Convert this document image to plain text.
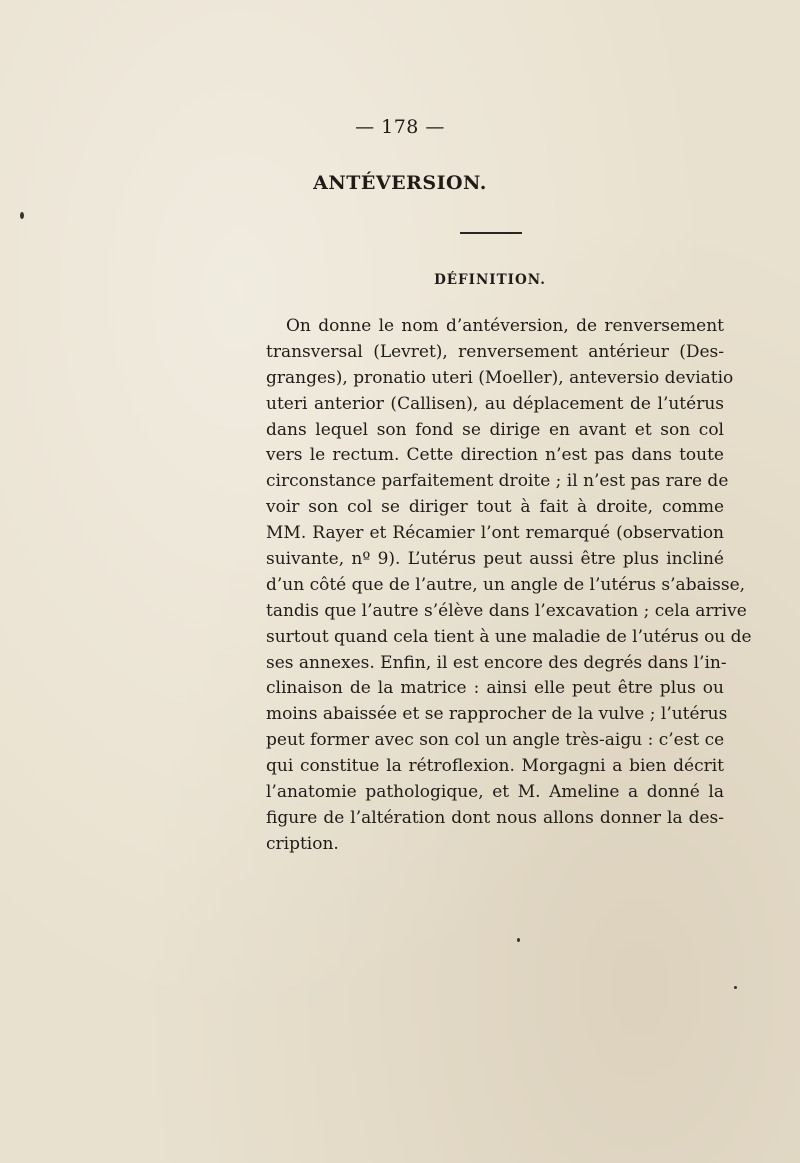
— 178 —
ANTÉVERSION.
DÉFINITION.
On donne le nom d’antéversion, de renversement
transversal (Levret), renversement antérieur (Des-
granges), pronatio uteri (Moeller), anteversio deviatio
uteri anterior (Callisen), au déplacement de l’utérus
dans lequel son fond se dirige en avant et son col
vers le rectum. Cette direction n’est pas dans toute
circonstance parfaitement droite ; il n’est pas rare de
voir son col se diriger tout à fait à droite, comme
MM. Rayer et Récamier l’ont remarqué (observation
suivante, nº 9). L’utérus peut aussi être plus incliné
d’un côté que de l’autre, un angle de l’utérus s’abaisse,
tandis que l’autre s’élève dans l’excavation ; cela arrive
surtout quand cela tient à une maladie de l’utérus ou de
ses annexes. Enfin, il est encore des degrés dans l’in-
clinaison de la matrice : ainsi elle peut être plus ou
moins abaissée et se rapprocher de la vulve ; l’utérus
peut former avec son col un angle très-aigu : c’est ce
qui constitue la rétroflexion. Morgagni a bien décrit
l’anatomie pathologique, et M. Ameline a donné la
figure de l’altération dont nous allons donner la des-
cription.
